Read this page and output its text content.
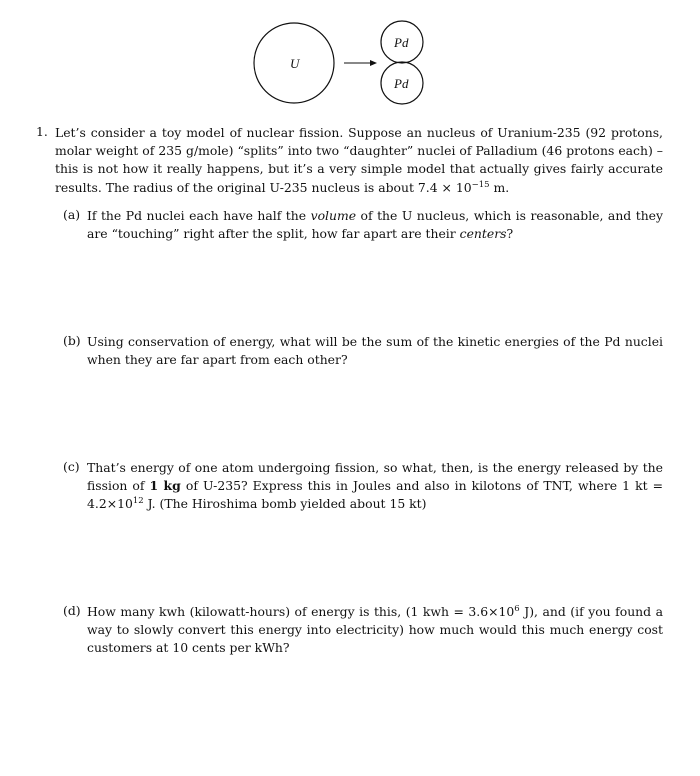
U
Pd
Pd
1. Let’s consider a toy model of nuclear fission. Suppose an nucleus of Uranium-235 (92 protons, molar weight of 235 g/mole) “splits” into two “daughter” nuclei of Palladium (46 protons each) – this is not how it really happens, but it’s a very simple model that actually gives fairly accurate results. The radius of the original U-235 nucleus is about $7.4 \times 10^{-15}$ m.
(a) If the Pd nuclei each have half the volume of the U nucleus, which is reasonable, and they are “touching” right after the split, how far apart are their centers?
(b) Using conservation of energy, what will be the sum of the kinetic energies of the Pd nuclei when they are far apart from each other?
(c) That’s energy of one atom undergoing fission, so what, then, is the energy released by the fission of 1 kg of U-235? Express this in Joules and also in kilotons of TNT, where 1 kt = $4.2\times 10^{12}$ J. (The Hiroshima bomb yielded about 15 kt)
(d) How many kwh (kilowatt-hours) of energy is this, (1 kwh = $3.6\times 10^6$ J), and (if you found a way to slowly convert this energy into electricity) how much would this much energy cost customers at 10 cents per kWh?
